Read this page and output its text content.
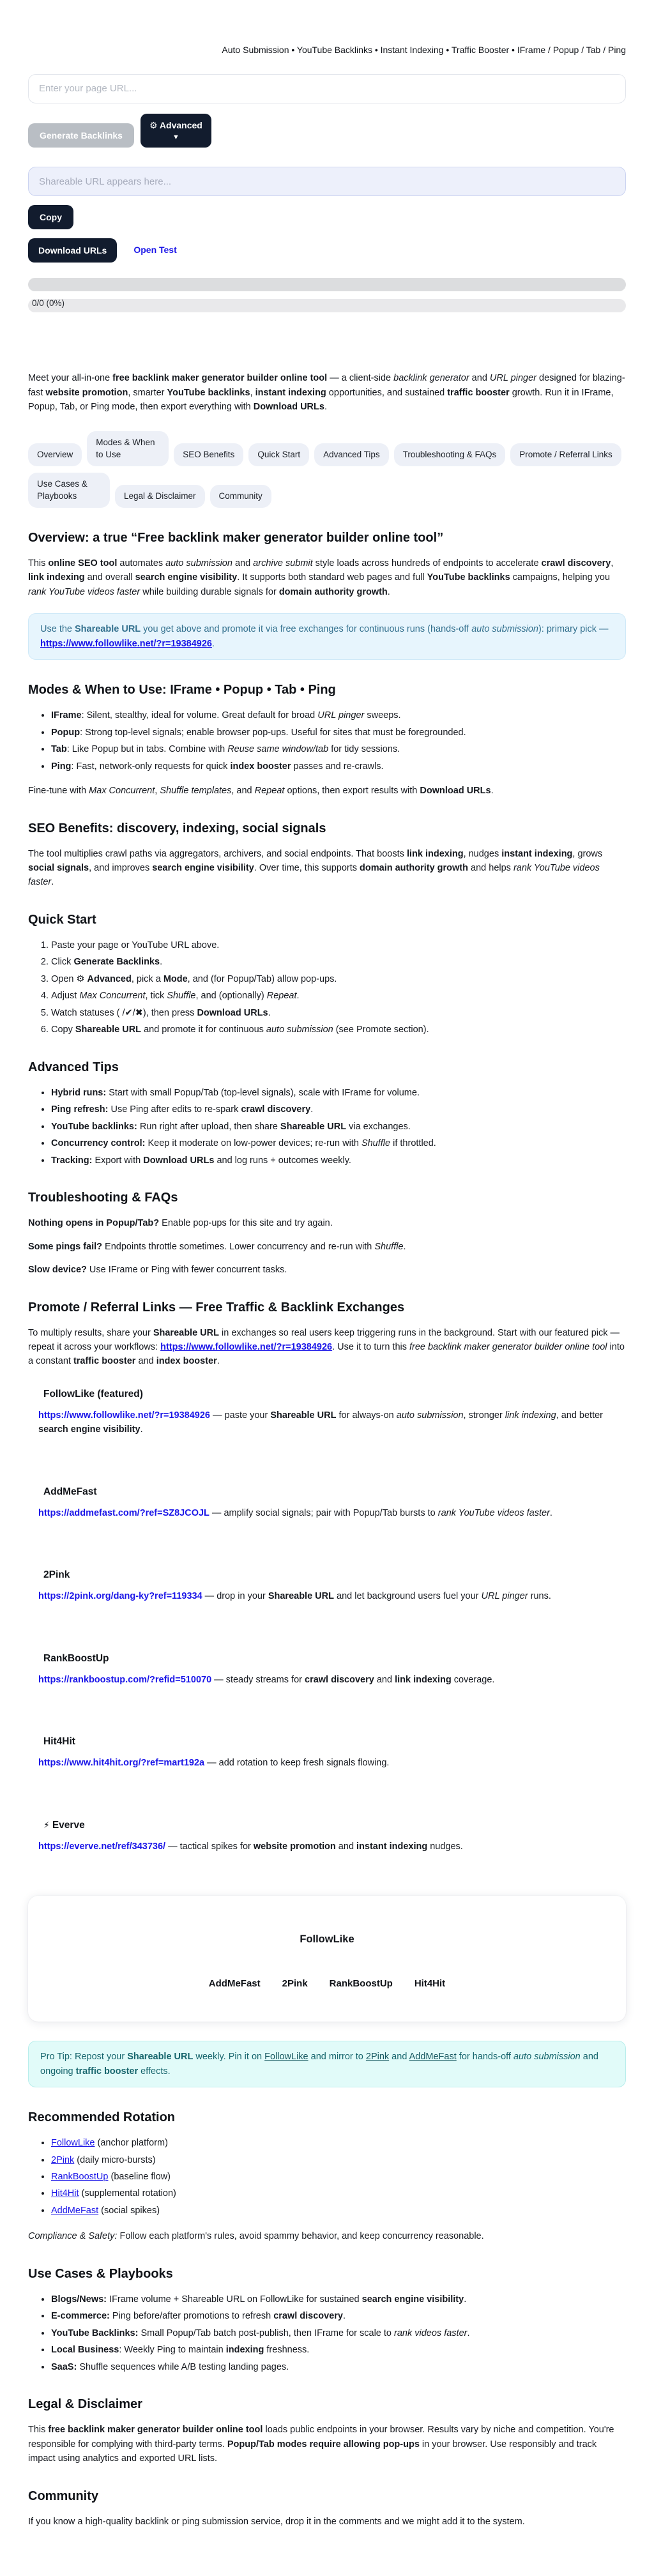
Auto Submission • YouTube Backlinks • Instant Indexing • Traffic Booster • IFrame / Popup / Tab / Ping
Enter your page URL...
Generate Backlinks
⚙ Advanced
▼
Shareable URL appears here...
Copy
Download URLs	Open Test
0/0 (0%)

Meet your all-in-one free backlink maker generator builder online tool — a client-side backlink generator and URL pinger designed for blazing-fast website promotion, smarter YouTube backlinks, instant indexing opportunities, and sustained traffic booster growth. Run it in IFrame, Popup, Tab, or Ping mode, then export everything with Download URLs.

Overview
Modes & When to Use	SEO Benefits	Quick Start	Advanced Tips	Troubleshooting & FAQs	Promote / Referral Links
Use Cases & Playbooks	Legal & Disclaimer	Community
Overview: a true “Free backlink maker generator builder online tool”

This online SEO tool automates auto submission and archive submit style loads across hundreds of endpoints to accelerate crawl discovery, link indexing and overall search engine visibility. It supports both standard web pages and full YouTube backlinks campaigns, helping you rank YouTube videos faster while building durable signals for domain authority growth.

Use the Shareable URL you get above and promote it via free exchanges for continuous runs (hands-off auto submission): primary pick — https://www.followlike.net/?r=19384926.
Modes & When to Use: IFrame • Popup • Tab • Ping
• IFrame: Silent, stealthy, ideal for volume. Great default for broad URL pinger sweeps.
• Popup: Strong top-level signals; enable browser pop-ups. Useful for sites that must be foregrounded.
• Tab: Like Popup but in tabs. Combine with Reuse same window/tab for tidy sessions.
• Ping: Fast, network-only requests for quick index booster passes and re-crawls.

Fine-tune with Max Concurrent, Shuffle templates, and Repeat options, then export results with Download URLs.

SEO Benefits: discovery, indexing, social signals

The tool multiplies crawl paths via aggregators, archivers, and social endpoints. That boosts link indexing, nudges instant indexing, grows social signals, and improves search engine visibility. Over time, this supports domain authority growth and helps rank YouTube videos faster.

Quick Start
1. Paste your page or YouTube URL above.
2. Click Generate Backlinks.
3. Open ⚙ Advanced, pick a Mode, and (for Popup/Tab) allow pop-ups.
4. Adjust Max Concurrent, tick Shuffle, and (optionally) Repeat.
5. Watch statuses ( /✔/✖), then press Download URLs.
6. Copy Shareable URL and promote it for continuous auto submission (see Promote section).
Advanced Tips
• Hybrid runs: Start with small Popup/Tab (top-level signals), scale with IFrame for volume.
• Ping refresh: Use Ping after edits to re-spark crawl discovery.
• YouTube backlinks: Run right after upload, then share Shareable URL via exchanges.
• Concurrency control: Keep it moderate on low-power devices; re-run with Shuffle if throttled.
• Tracking: Export with Download URLs and log runs + outcomes weekly.
Troubleshooting & FAQs

Nothing opens in Popup/Tab? Enable pop-ups for this site and try again.

Some pings fail? Endpoints throttle sometimes. Lower concurrency and re-run with Shuffle.

Slow device? Use IFrame or Ping with fewer concurrent tasks.

Promote / Referral Links — Free Traffic & Backlink Exchanges

To multiply results, share your Shareable URL in exchanges so real users keep triggering runs in the background. Start with our featured pick — repeat it across your workflows: https://www.followlike.net/?r=19384926. Use it to turn this free backlink maker generator builder online tool into a constant traffic booster and index booster.

FollowLike (featured)

https://www.followlike.net/?r=19384926 — paste your Shareable URL for always-on auto submission, stronger link indexing, and better search engine visibility.

AddMeFast

https://addmefast.com/?ref=SZ8JCOJL — amplify social signals; pair with Popup/Tab bursts to rank YouTube videos faster.

2Pink

https://2pink.org/dang-ky?ref=119334 — drop in your Shareable URL and let background users fuel your URL pinger runs.

RankBoostUp

https://rankboostup.com/?refid=510070 — steady streams for crawl discovery and link indexing coverage.

Hit4Hit

https://www.hit4hit.org/?ref=mart192a — add rotation to keep fresh signals flowing.

⚡ Everve

https://everve.net/ref/343736/ — tactical spikes for website promotion and instant indexing nudges.

FollowLike
AddMeFast 2Pink RankBoostUp Hit4Hit
Pro Tip: Repost your Shareable URL weekly. Pin it on FollowLike and mirror to 2Pink and AddMeFast for hands-off auto submission and ongoing traffic booster effects.
Recommended Rotation
• FollowLike (anchor platform)
• 2Pink (daily micro-bursts)
• RankBoostUp (baseline flow)
• Hit4Hit (supplemental rotation)
• AddMeFast (social spikes)

Compliance & Safety: Follow each platform's rules, avoid spammy behavior, and keep concurrency reasonable.

Use Cases & Playbooks
• Blogs/News: IFrame volume + Shareable URL on FollowLike for sustained search engine visibility.
• E-commerce: Ping before/after promotions to refresh crawl discovery.
• YouTube Backlinks: Small Popup/Tab batch post-publish, then IFrame for scale to rank videos faster.
• Local Business: Weekly Ping to maintain indexing freshness.
• SaaS: Shuffle sequences while A/B testing landing pages.
Legal & Disclaimer

This free backlink maker generator builder online tool loads public endpoints in your browser. Results vary by niche and competition. You're responsible for complying with third-party terms. Popup/Tab modes require allowing pop-ups in your browser. Use responsibly and track impact using analytics and exported URL lists.

Community

If you know a high-quality backlink or ping submission service, drop it in the comments and we might add it to the system.
